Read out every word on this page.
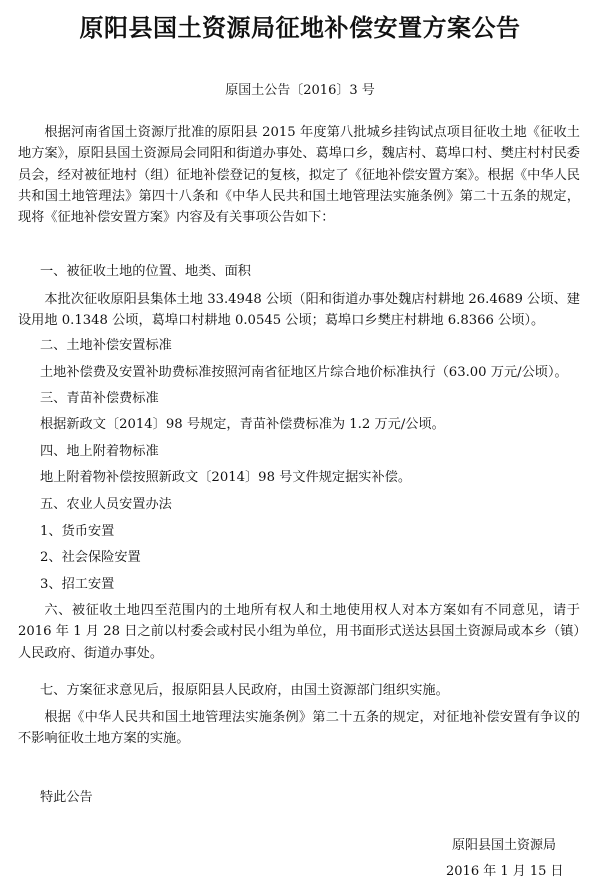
原阳县国土资源局征地补偿安置方案公告
原国土公告〔2016〕3 号
根据河南省国土资源厅批准的原阳县 2015 年度第八批城乡挂钩试点项目征收土地《征收土地方案》，原阳县国土资源局会同阳和街道办事处、葛埠口乡，魏店村、葛埠口村、樊庄村村民委员会，经对被征地村（组）征地补偿登记的复核，拟定了《征地补偿安置方案》。根据《中华人民共和国土地管理法》第四十八条和《中华人民共和国土地管理法实施条例》第二十五条的规定，现将《征地补偿安置方案》内容及有关事项公告如下：
一、被征收土地的位置、地类、面积
本批次征收原阳县集体土地 33.4948 公顷（阳和街道办事处魏店村耕地 26.4689 公顷、建设用地 0.1348 公顷，葛埠口村耕地 0.0545 公顷；葛埠口乡樊庄村耕地 6.8366 公顷）。
二、土地补偿安置标准
土地补偿费及安置补助费标准按照河南省征地区片综合地价标准执行（63.00 万元/公顷）。
三、青苗补偿费标准
根据新政文〔2014〕98 号规定，青苗补偿费标准为 1.2 万元/公顷。
四、地上附着物标准
地上附着物补偿按照新政文〔2014〕98 号文件规定据实补偿。
五、农业人员安置办法
1、货币安置
2、社会保险安置
3、招工安置
六、被征收土地四至范围内的土地所有权人和土地使用权人对本方案如有不同意见，请于 2016 年 1 月 28 日之前以村委会或村民小组为单位，用书面形式送达县国土资源局或本乡（镇）人民政府、街道办事处。
七、方案征求意见后，报原阳县人民政府，由国土资源部门组织实施。
根据《中华人民共和国土地管理法实施条例》第二十五条的规定，对征地补偿安置有争议的不影响征收土地方案的实施。
特此公告
原阳县国土资源局
2016 年 1 月 15 日
